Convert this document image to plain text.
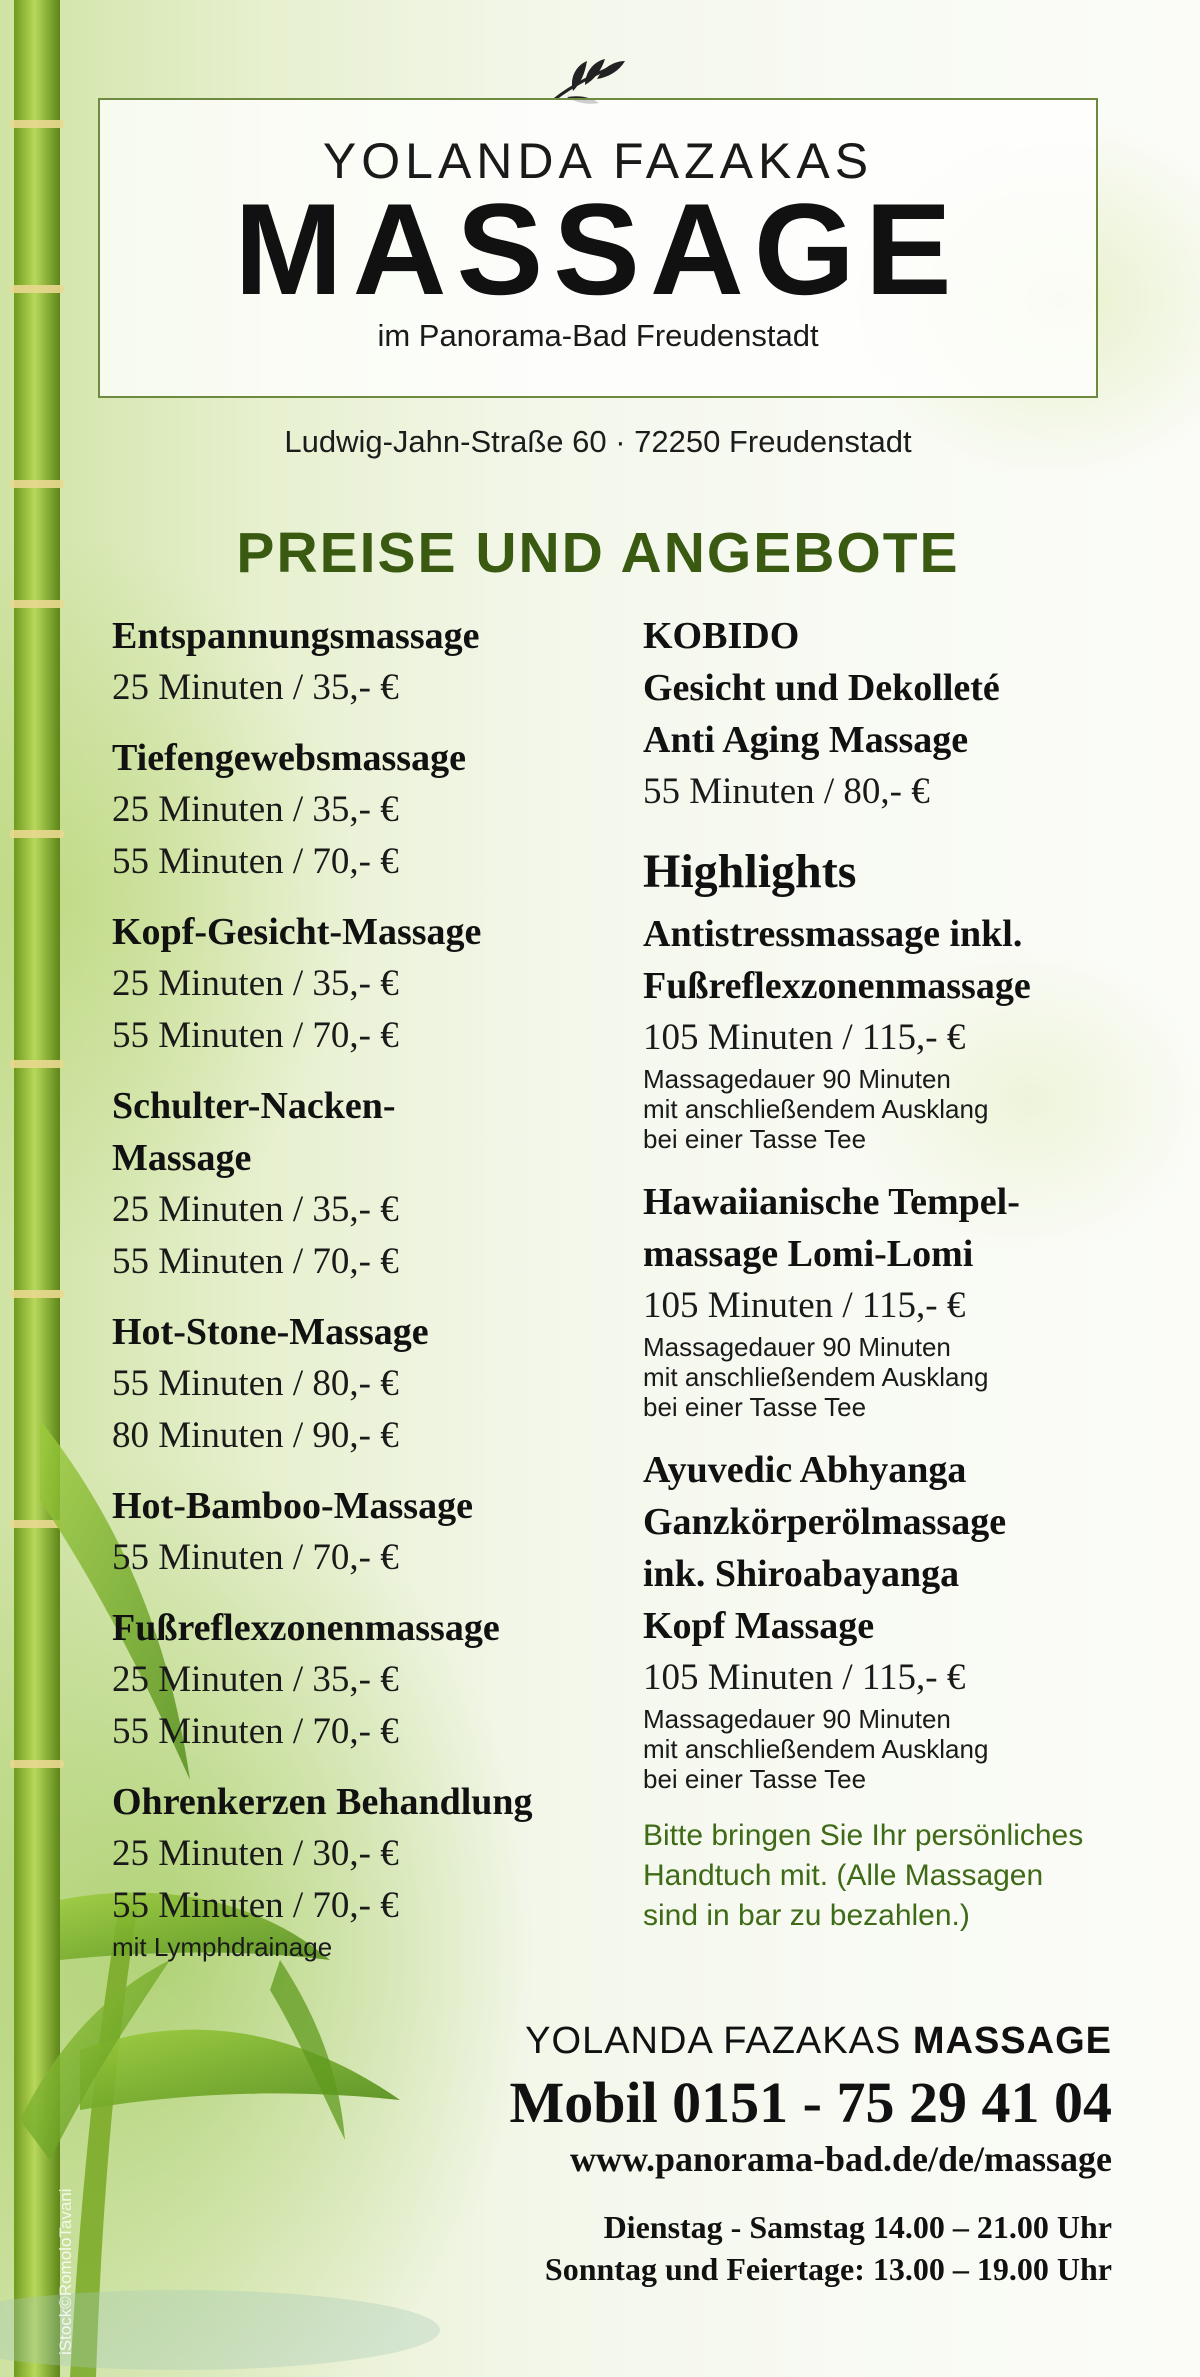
YOLANDA FAZAKAS
MASSAGE
im Panorama-Bad Freudenstadt
Ludwig-Jahn-Straße 60 · 72250 Freudenstadt
PREISE UND ANGEBOTE
Entspannungsmassage
25 Minuten / 35,- €
Tiefengewebsmassage
25 Minuten / 35,- €
55 Minuten / 70,- €
Kopf-Gesicht-Massage
25 Minuten / 35,- €
55 Minuten / 70,- €
Schulter-Nacken-
Massage
25 Minuten / 35,- €
55 Minuten / 70,- €
Hot-Stone-Massage
55 Minuten / 80,- €
80 Minuten / 90,- €
Hot-Bamboo-Massage
55 Minuten / 70,- €
Fußreflexzonenmassage
25 Minuten / 35,- €
55 Minuten / 70,- €
Ohrenkerzen Behandlung
25 Minuten / 30,- €
55 Minuten / 70,- €
mit Lymphdrainage
KOBIDO
Gesicht und Dekolleté
Anti Aging Massage
55 Minuten / 80,- €
Highlights
Antistressmassage inkl.
Fußreflexzonenmassage
105 Minuten / 115,- €
Massagedauer 90 Minuten
mit anschließendem Ausklang
bei einer Tasse Tee
Hawaiianische Tempel-
massage Lomi-Lomi
105 Minuten / 115,- €
Massagedauer 90 Minuten
mit anschließendem Ausklang
bei einer Tasse Tee
Ayuvedic Abhyanga
Ganzkörperölmassage
ink. Shiroabayanga
Kopf Massage
105 Minuten / 115,- €
Massagedauer 90 Minuten
mit anschließendem Ausklang
bei einer Tasse Tee
Bitte bringen Sie Ihr persönliches
Handtuch mit. (Alle Massagen
sind in bar zu bezahlen.)
YOLANDA FAZAKAS MASSAGE
Mobil 0151 - 75 29 41 04
www.panorama-bad.de/de/massage
Dienstag - Samstag 14.00 – 21.00 Uhr
Sonntag und Feiertage: 13.00 – 19.00 Uhr
iStock©RomoloTavani
